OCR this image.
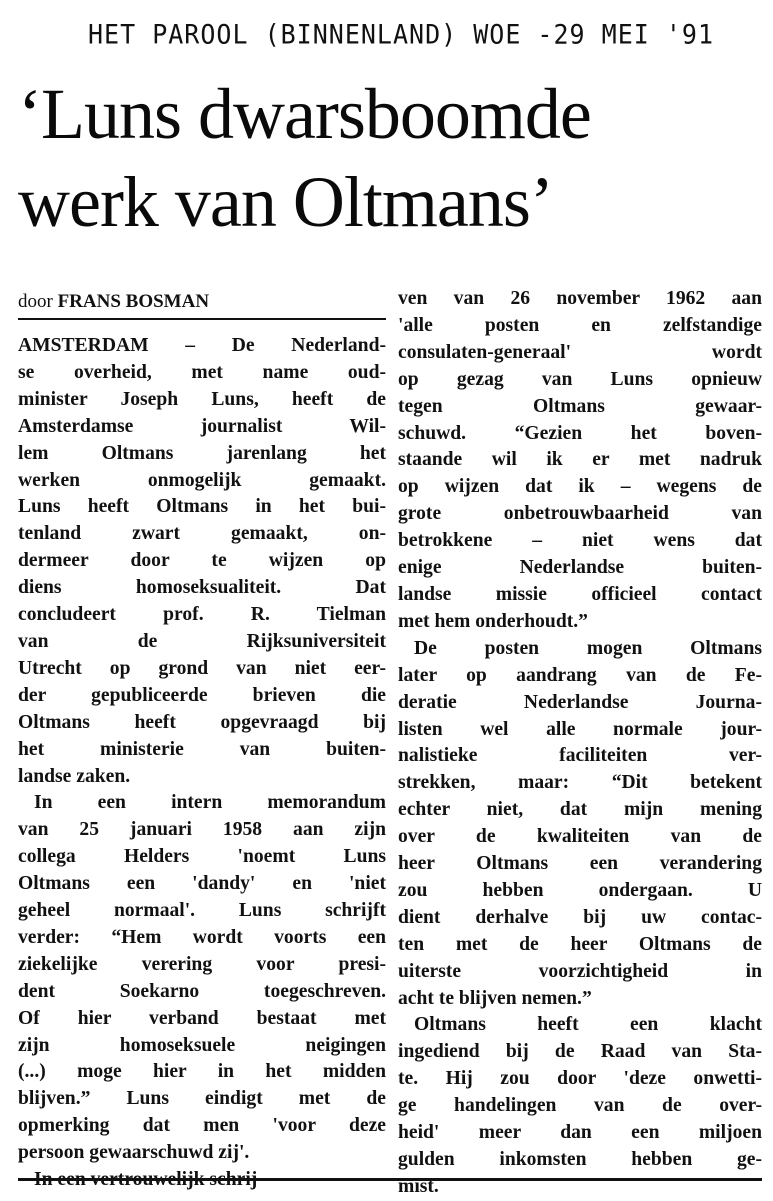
HET PAROOL (BINNENLAND) WOE -29 MEI '91
‘Luns dwarsboomde
werk van Oltmans’
door FRANS BOSMAN
AMSTERDAM – De Nederland-
se overheid, met name oud-
minister Joseph Luns, heeft de
Amsterdamse journalist Wil-
lem Oltmans jarenlang het
werken onmogelijk gemaakt.
Luns heeft Oltmans in het bui-
tenland zwart gemaakt, on-
dermeer door te wijzen op
diens homoseksualiteit. Dat
concludeert prof. R. Tielman
van de Rijksuniversiteit
Utrecht op grond van niet eer-
der gepubliceerde brieven die
Oltmans heeft opgevraagd bij
het ministerie van buiten-
landse zaken.
In een intern memorandum
van 25 januari 1958 aan zijn
collega Helders 'noemt Luns
Oltmans een 'dandy' en 'niet
geheel normaal'. Luns schrijft
verder: “Hem wordt voorts een
ziekelijke verering voor presi-
dent Soekarno toegeschreven.
Of hier verband bestaat met
zijn homoseksuele neigingen
(...) moge hier in het midden
blijven.” Luns eindigt met de
opmerking dat men 'voor deze
persoon gewaarschuwd zij'.
In een vertrouwelijk schrij-
ven van 26 november 1962 aan
'alle posten en zelfstandige
consulaten-generaal' wordt
op gezag van Luns opnieuw
tegen Oltmans gewaar-
schuwd. “Gezien het boven-
staande wil ik er met nadruk
op wijzen dat ik – wegens de
grote onbetrouwbaarheid van
betrokkene – niet wens dat
enige Nederlandse buiten-
landse missie officieel contact
met hem onderhoudt.”
De posten mogen Oltmans
later op aandrang van de Fe-
deratie Nederlandse Journa-
listen wel alle normale jour-
nalistieke faciliteiten ver-
strekken, maar: “Dit betekent
echter niet, dat mijn mening
over de kwaliteiten van de
heer Oltmans een verandering
zou hebben ondergaan. U
dient derhalve bij uw contac-
ten met de heer Oltmans de
uiterste voorzichtigheid in
acht te blijven nemen.”
Oltmans heeft een klacht
ingediend bij de Raad van Sta-
te. Hij zou door 'deze onwetti-
ge handelingen van de over-
heid' meer dan een miljoen
gulden inkomsten hebben ge-
mist.
